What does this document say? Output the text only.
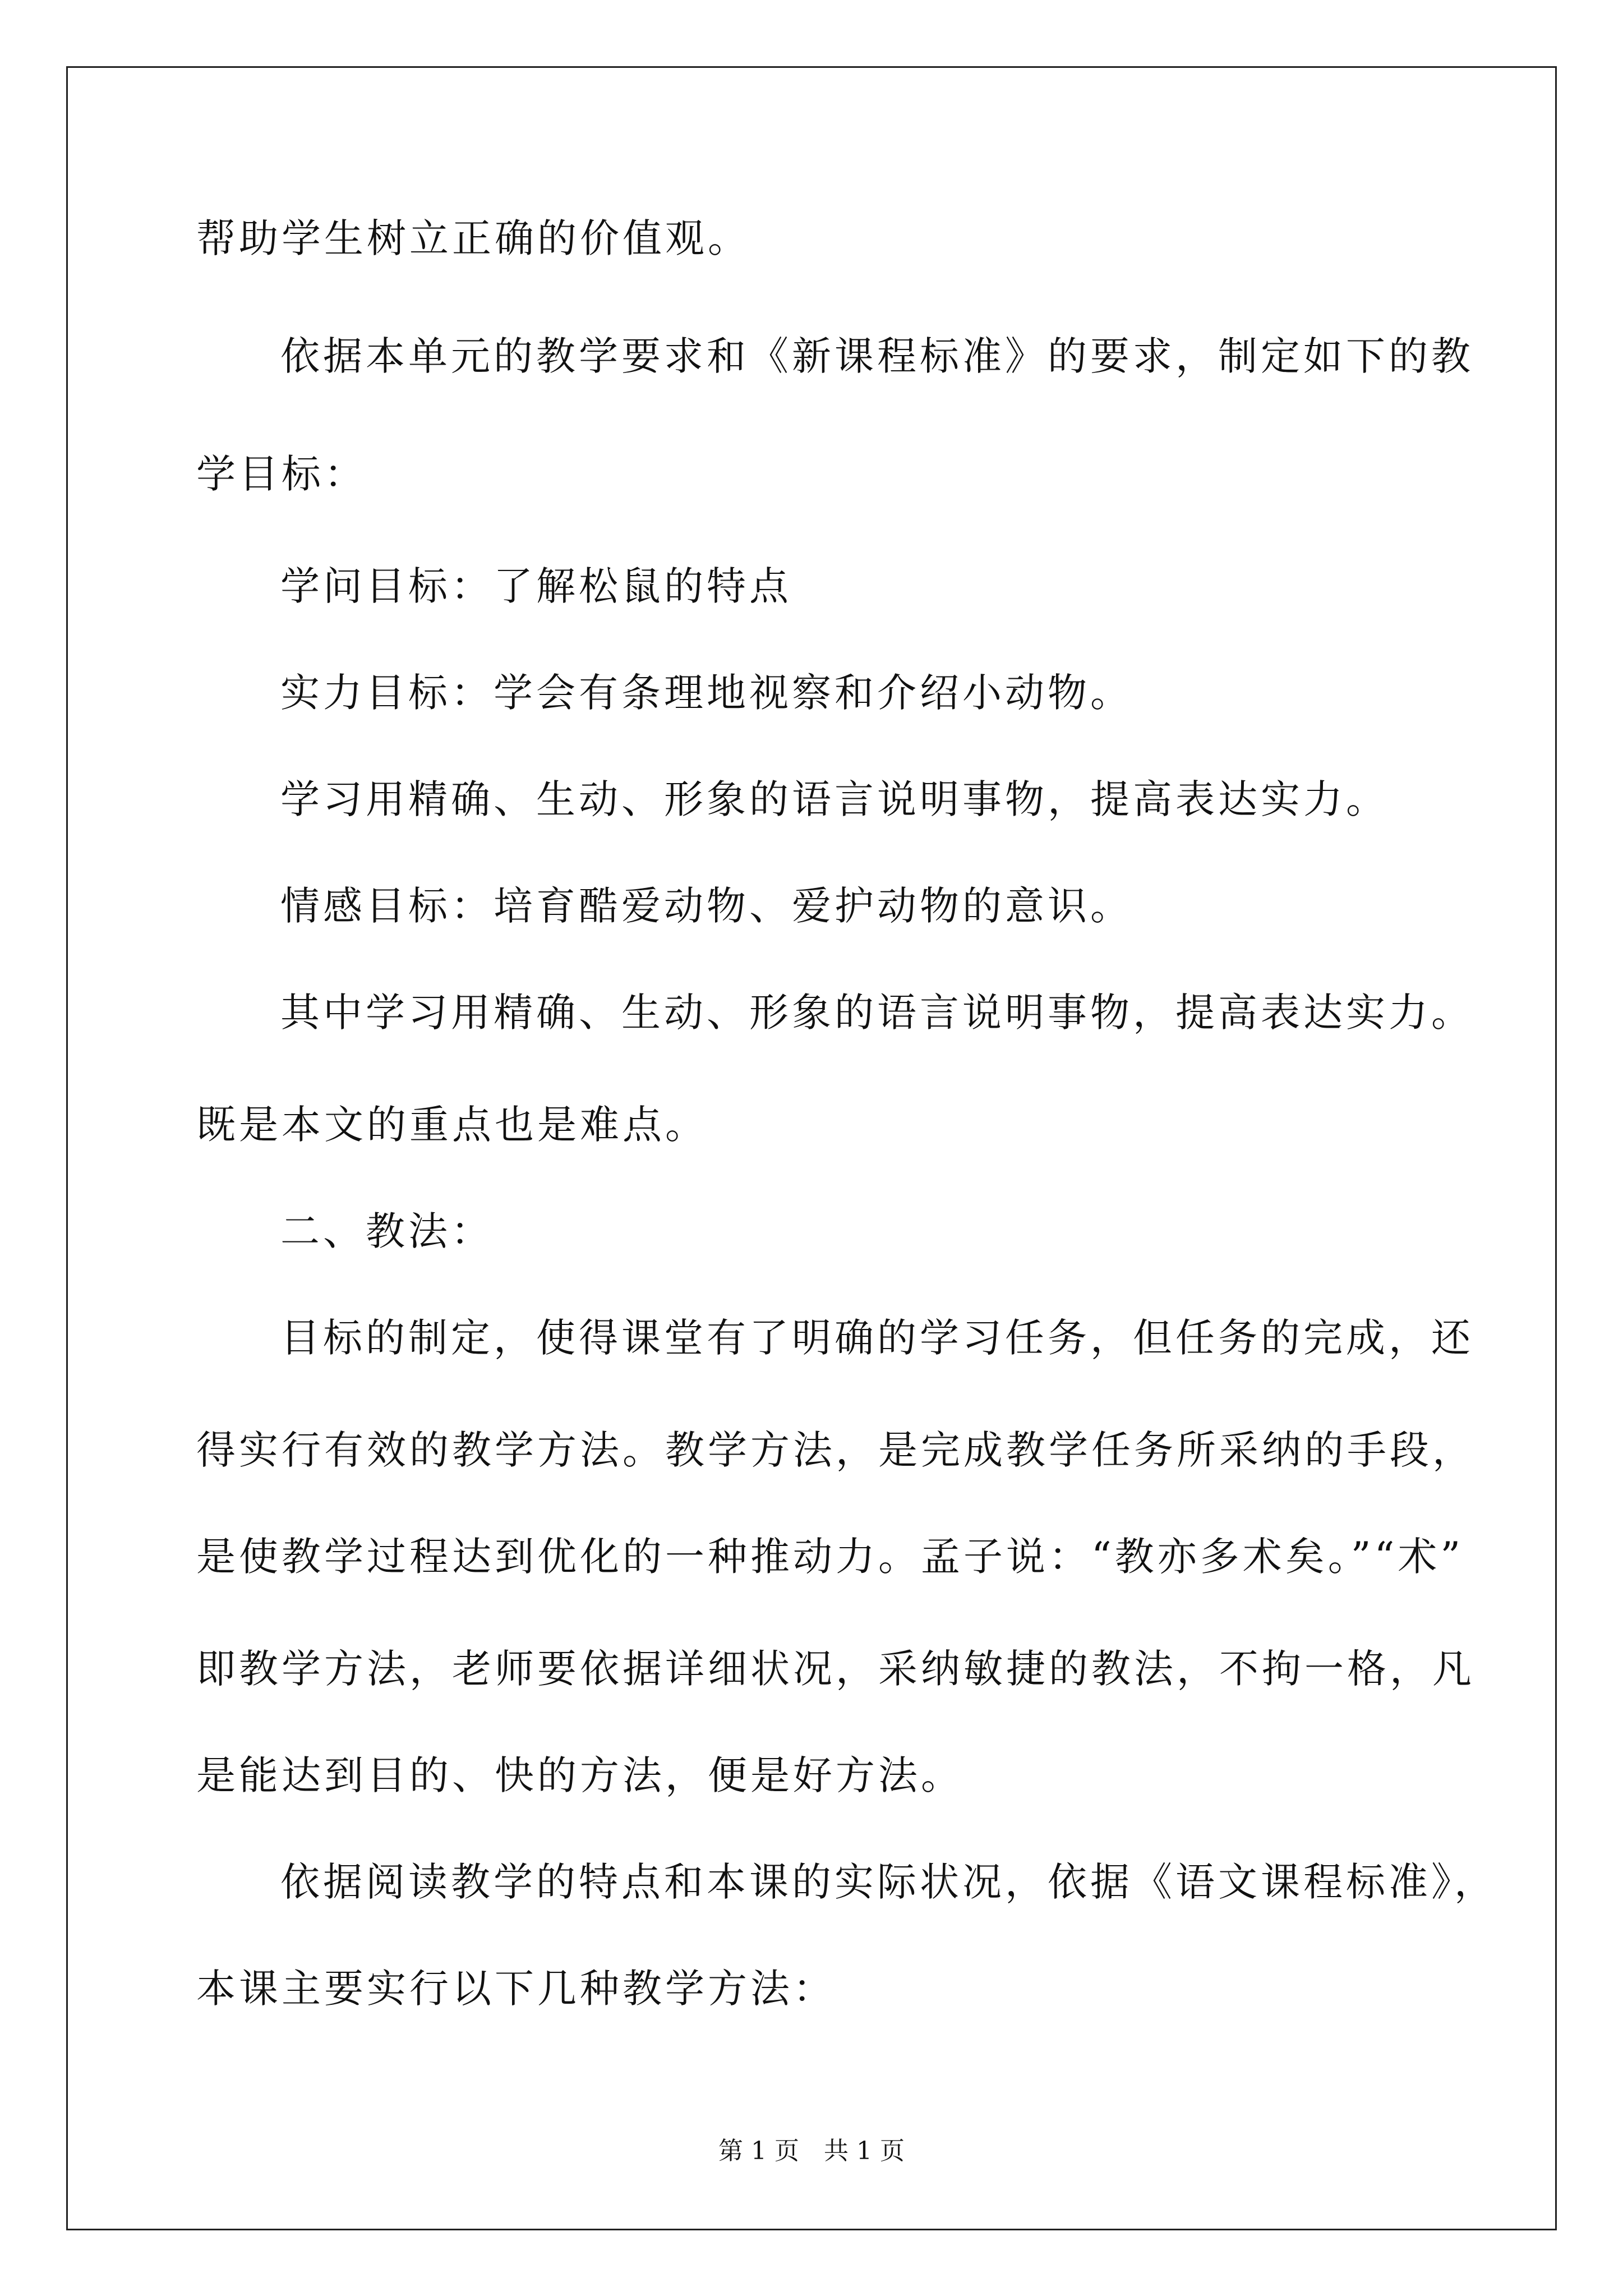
帮助学生树立正确的价值观。
依据本单元的教学要求和《新课程标准》的要求，制定如下的教
学目标：
学问目标：了解松鼠的特点
实力目标：学会有条理地视察和介绍小动物。
学习用精确、生动、形象的语言说明事物，提高表达实力。
情感目标：培育酷爱动物、爱护动物的意识。
其中学习用精确、生动、形象的语言说明事物，提高表达实力。
既是本文的重点也是难点。
二、教法：
目标的制定，使得课堂有了明确的学习任务，但任务的完成，还
得实行有效的教学方法。教学方法，是完成教学任务所采纳的手段，
是使教学过程达到优化的一种推动力。孟子说：“教亦多术矣。”“术”
即教学方法，老师要依据详细状况，采纳敏捷的教法，不拘一格，凡
是能达到目的、快的方法，便是好方法。
依据阅读教学的特点和本课的实际状况，依据《语文课程标准》，
本课主要实行以下几种教学方法：
第 1 页　共 1 页
